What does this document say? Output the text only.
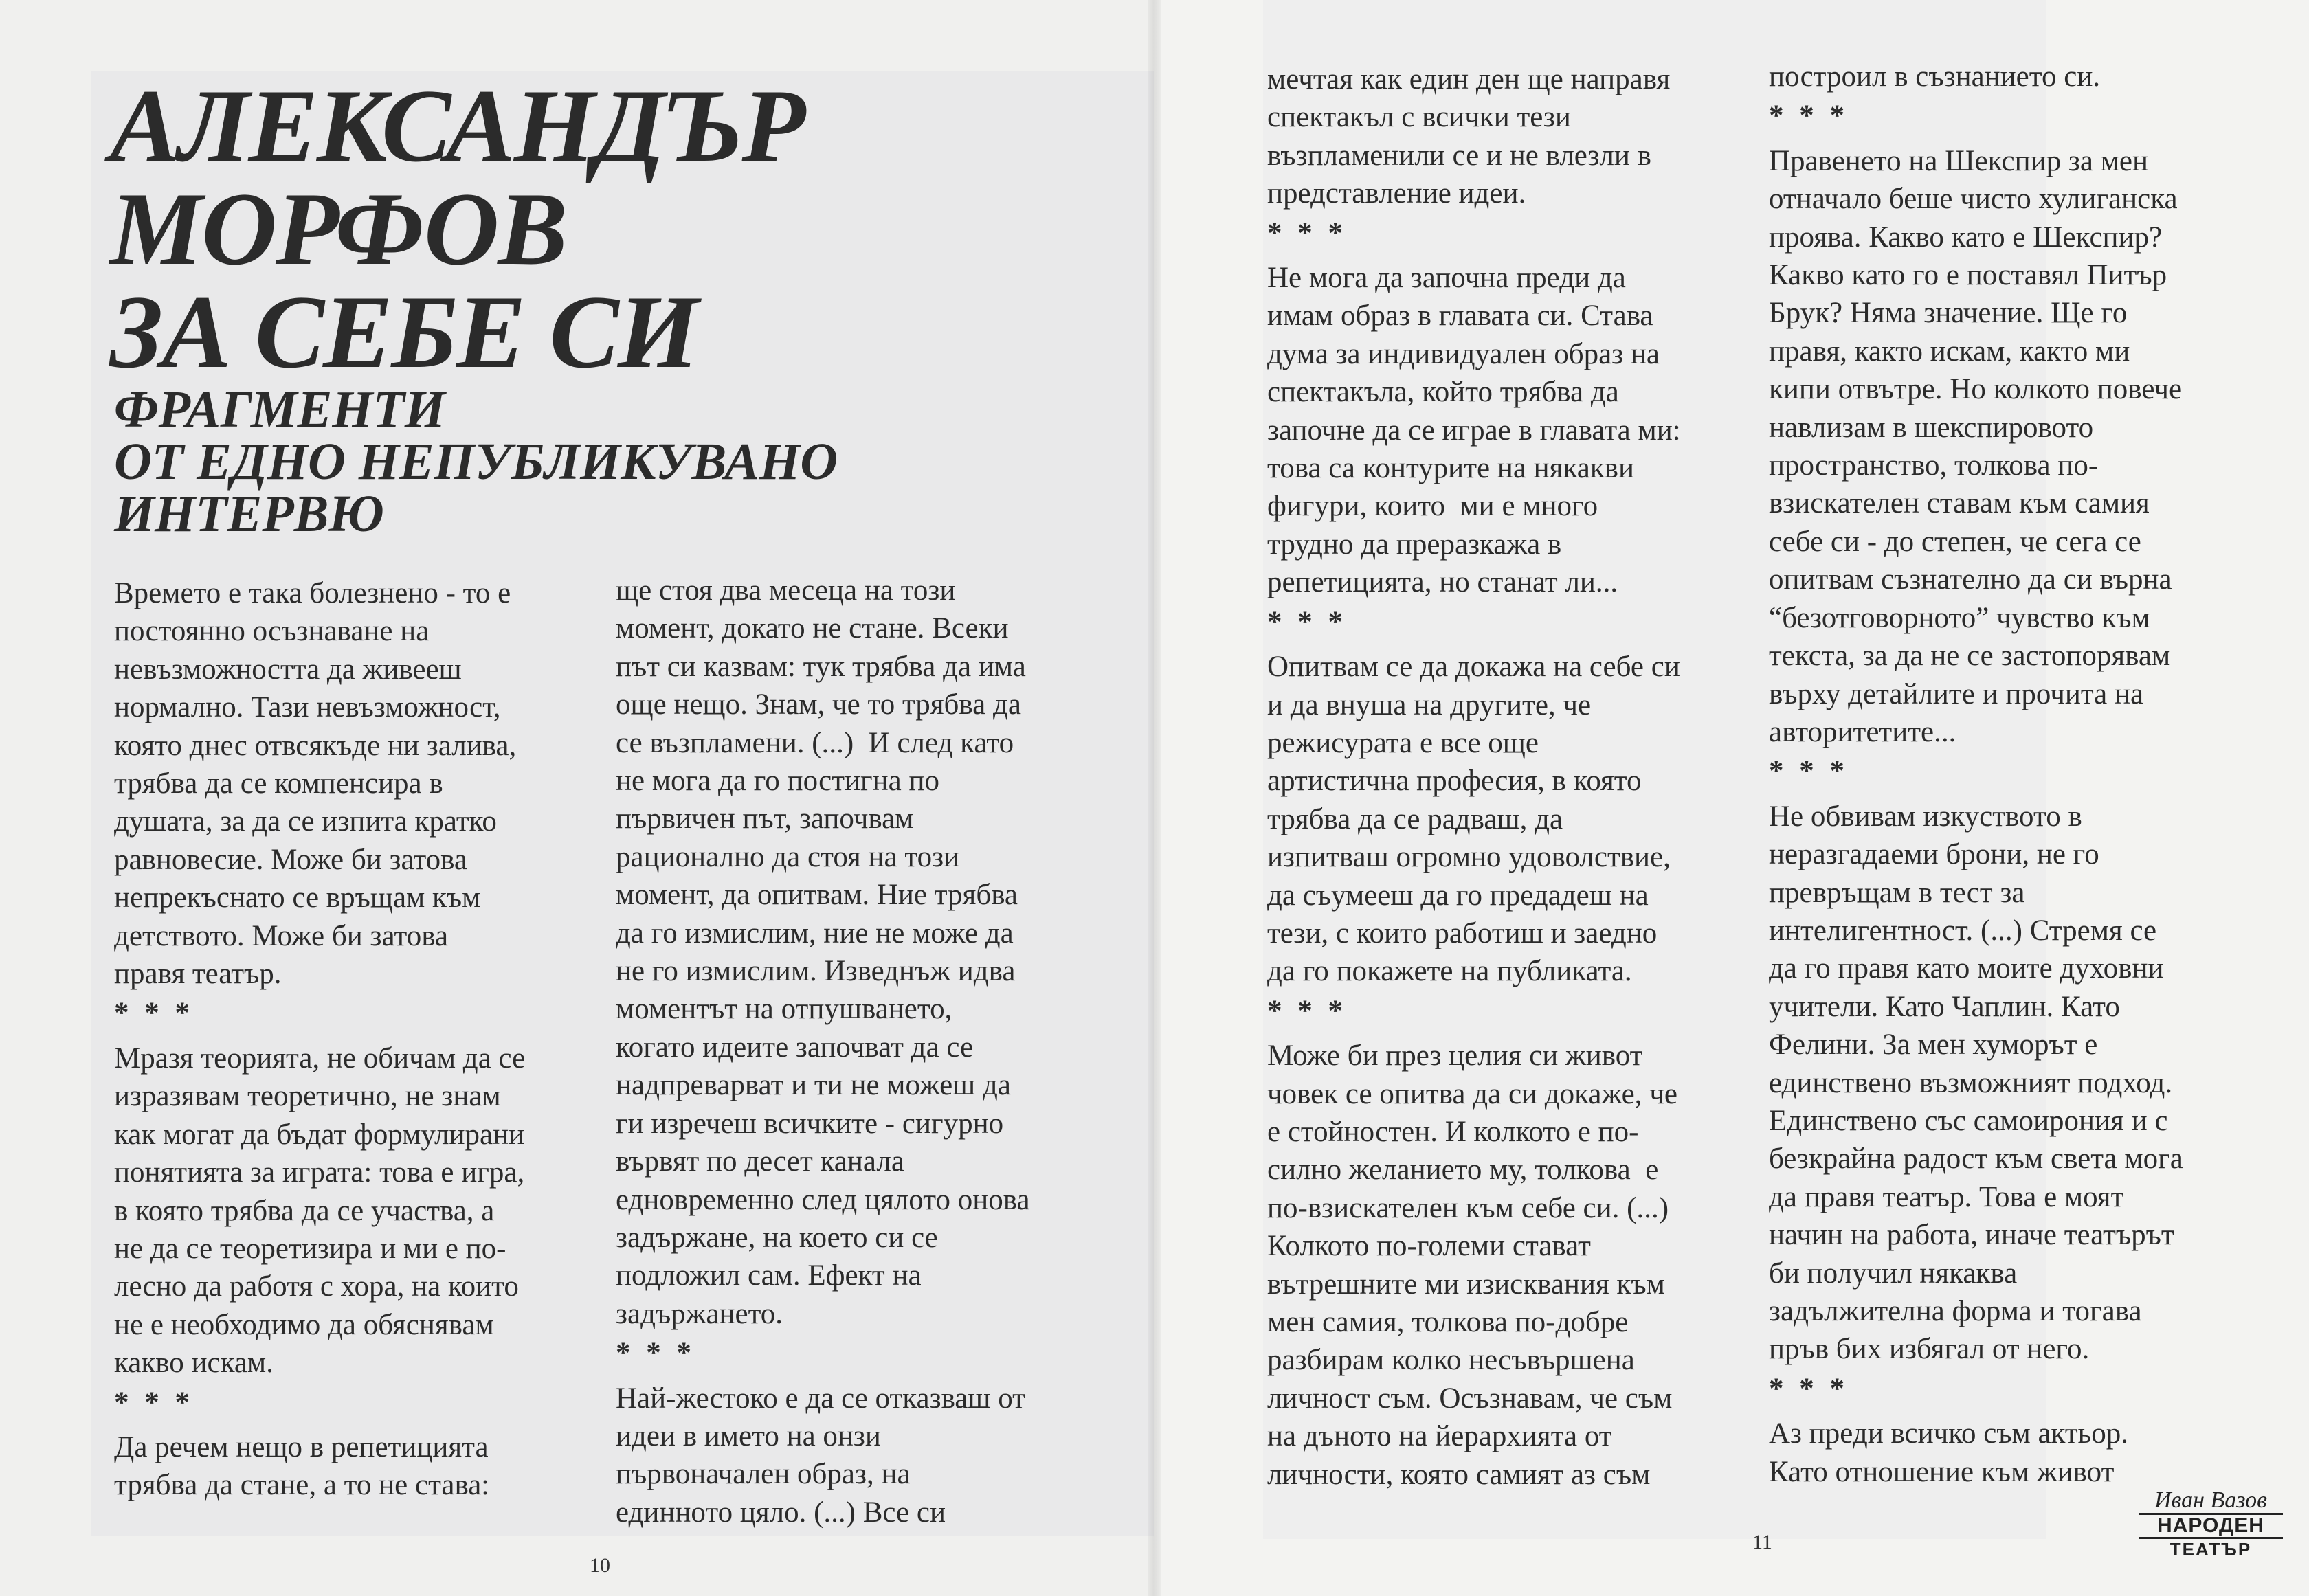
АЛЕКСАНДЪР
МОРФОВ
ЗА СЕБЕ СИ
ФРАГМЕНТИ
ОТ ЕДНО НЕПУБЛИКУВАНО
ИНТЕРВЮ

Времето е така болезнено - то е
постоянно осъзнаване на
невъзможността да живееш
нормално. Тази невъзможност,
която днес отвсякъде ни залива,
трябва да се компенсира в
душата, за да се изпита кратко
равновесие. Може би затова
непрекъснато се връщам към
детството. Може би затова
правя театър.

* * *

Мразя теорията, не обичам да се
изразявам теоретично, не знам
как могат да бъдат формулирани
понятията за играта: това е игра,
в която трябва да се участва, а
не да се теоретизира и ми е по-
лесно да работя с хора, на които
не е необходимо да обяснявам
какво искам.

* * *

Да речем нещо в репетицията
трябва да стане, а то не става:

ще стоя два месеца на този
момент, докато не стане. Всеки
път си казвам: тук трябва да има
още нещо. Знам, че то трябва да
се възпламени. (...)  И след като
не мога да го постигна по
първичен път, започвам
рационално да стоя на този
момент, да опитвам. Ние трябва
да го измислим, ние не може да
не го измислим. Изведнъж идва
моментът на отпушването,
когато идеите започват да се
надпреварват и ти не можеш да
ги изречеш всичките - сигурно
вървят по десет канала
едновременно след цялото онова
задържане, на което си се
подложил сам. Ефект на
задържането.

* * *

Най-жестоко е да се отказваш от
идеи в името на онзи
първоначален образ, на
единното цяло. (...) Все си

10

мечтая как един ден ще направя
спектакъл с всички тези
възпламенили се и не влезли в
представление идеи.

* * *

Не мога да започна преди да
имам образ в главата си. Става
дума за индивидуален образ на
спектакъла, който трябва да
започне да се играе в главата ми:
това са контурите на някакви
фигури, които  ми е много
трудно да преразкажа в
репетицията, но станат ли...

* * *

Опитвам се да докажа на себе си
и да внуша на другите, че
режисурата е все още
артистична професия, в която
трябва да се радваш, да
изпитваш огромно удоволствие,
да съумееш да го предадеш на
тези, с които работиш и заедно
да го покажете на публиката.

* * *

Може би през целия си живот
човек се опитва да си докаже, че
е стойностен. И колкото е по-
силно желанието му, толкова  е
по-взискателен към себе си. (...)
Колкото по-големи стават
вътрешните ми изисквания към
мен самия, толкова по-добре
разбирам колко несъвършена
личност съм. Осъзнавам, че съм
на дъното на йерархията от
личности, която самият аз съм

построил в съзнанието си.

* * *

Правенето на Шекспир за мен
отначало беше чисто хулиганска
проява. Какво като е Шекспир?
Какво като го е поставял Питър
Брук? Няма значение. Ще го
правя, както искам, както ми
кипи отвътре. Но колкото повече
навлизам в шекспировото
пространство, толкова по-
взискателен ставам към самия
себе си - до степен, че сега се
опитвам съзнателно да си върна
“безотговорното” чувство към
текста, за да не се застопорявам
върху детайлите и прочита на
авторитетите...

* * *

Не обвивам изкуството в
неразгадаеми брони, не го
превръщам в тест за
интелигентност. (...) Стремя се
да го правя като моите духовни
учители. Като Чаплин. Като
Фелини. За мен хуморът е
единствено възможният подход.
Единствено със самоирония и с
безкрайна радост към света мога
да правя театър. Това е моят
начин на работа, иначе театърът
би получил някаква
задължителна форма и тогава
пръв бих избягал от него.

* * *

Аз преди всичко съм актьор.
Като отношение към живот

11
Иван Вазов
НАРОДЕН
ТЕАТЪР
